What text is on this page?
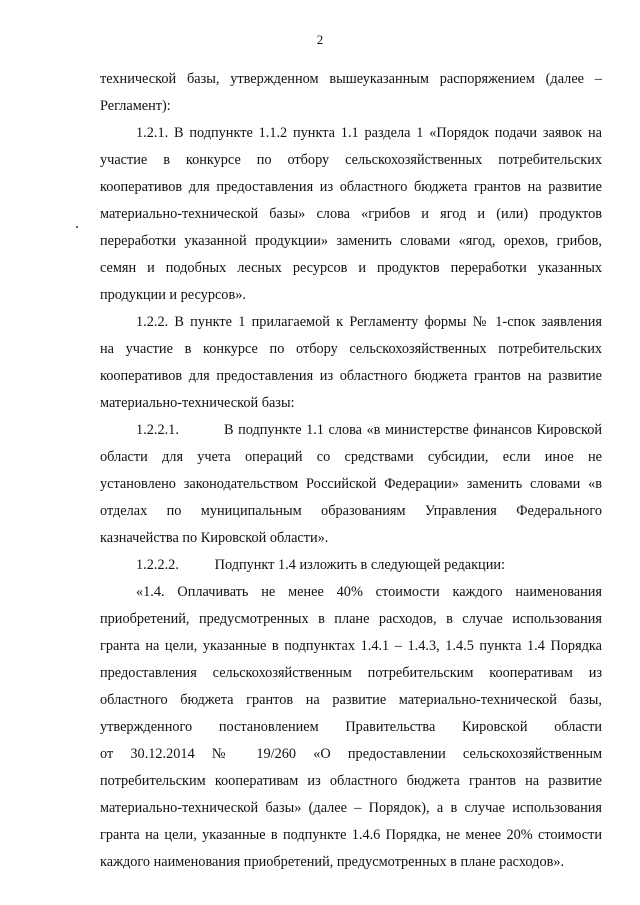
2
технической базы, утвержденном вышеуказанным распоряжением (далее –
Регламент):
1.2.1. В подпункте 1.1.2 пункта 1.1 раздела 1 «Порядок подачи заявок на
участие в конкурсе по отбору сельскохозяйственных потребительских
кооперативов для предоставления из областного бюджета грантов на развитие
материально-технической базы» слова «грибов и ягод и (или) продуктов
переработки указанной продукции» заменить словами «ягод, орехов, грибов,
семян и подобных лесных ресурсов и продуктов переработки указанных
продукции и ресурсов».
1.2.2. В пункте 1 прилагаемой к Регламенту формы № 1-спок заявления
на участие в конкурсе по отбору сельскохозяйственных потребительских
кооперативов для предоставления из областного бюджета грантов на развитие
материально-технической базы:
1.2.2.1.          В подпункте 1.1 слова «в министерстве финансов Кировской
области для учета операций со средствами субсидии, если иное не
установлено законодательством Российской Федерации» заменить словами «в
отделах по муниципальным образованиям Управления Федерального
казначейства по Кировской области».
1.2.2.2.          Подпункт 1.4 изложить в следующей редакции:
«1.4. Оплачивать не менее 40% стоимости каждого наименования
приобретений, предусмотренных в плане расходов, в случае использования
гранта на цели, указанные в подпунктах 1.4.1 – 1.4.3, 1.4.5 пункта 1.4 Порядка
предоставления сельскохозяйственным потребительским кооперативам из
областного бюджета грантов на развитие материально-технической базы,
утвержденного постановлением Правительства Кировской области
от 30.12.2014 № 19/260 «О предоставлении сельскохозяйственным
потребительским кооперативам из областного бюджета грантов на развитие
материально-технической базы» (далее – Порядок), а в случае использования
гранта на цели, указанные в подпункте 1.4.6 Порядка, не менее 20% стоимости
каждого наименования приобретений, предусмотренных в плане расходов».
